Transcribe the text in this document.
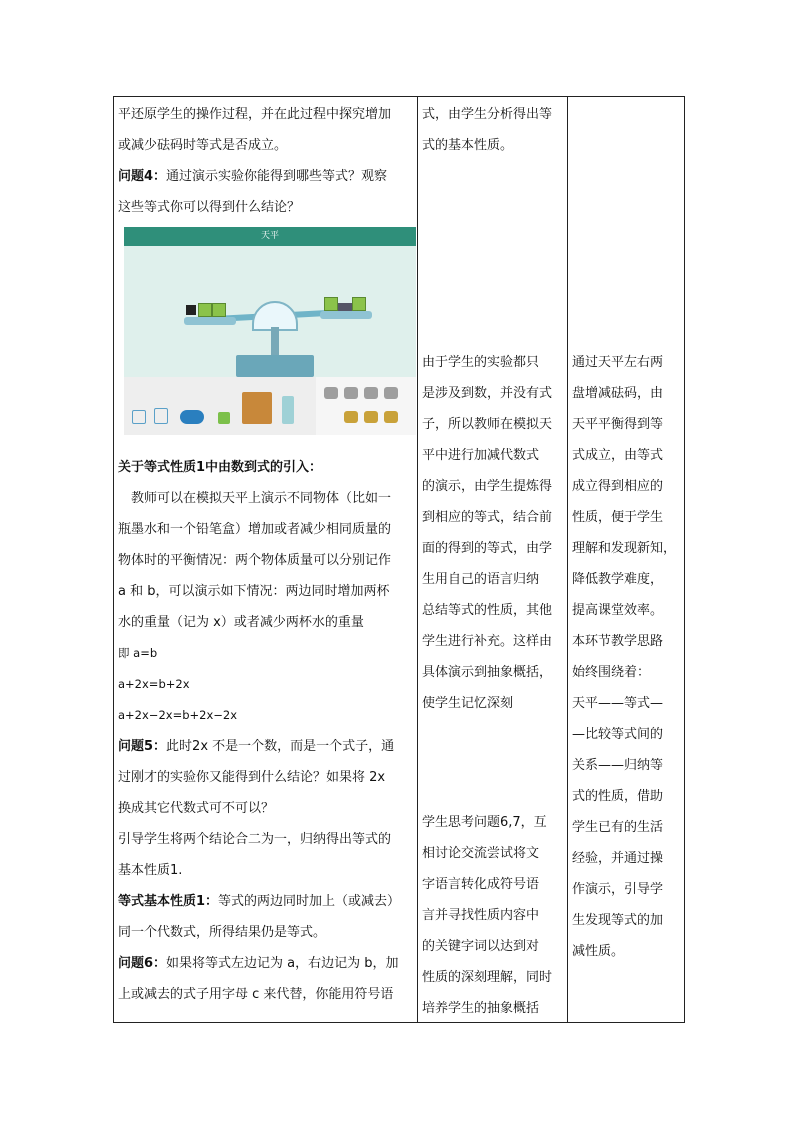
平还原学生的操作过程，并在此过程中探究增加

或减少砝码时等式是否成立。

问题4：通过演示实验你能得到哪些等式？观察

这些等式你可以得到什么结论？

天平

关于等式性质1中由数到式的引入：

教师可以在模拟天平上演示不同物体（比如一

瓶墨水和一个铅笔盒）增加或者减少相同质量的

物体时的平衡情况：两个物体质量可以分别记作

a 和 b，可以演示如下情况：两边同时增加两杯

水的重量（记为 x）或者减少两杯水的重量

即 a=b

a+2x=b+2x

a+2x−2x=b+2x−2x

问题5：此时2x 不是一个数，而是一个式子，通

过刚才的实验你又能得到什么结论？如果将 2x

换成其它代数式可不可以？

引导学生将两个结论合二为一，归纳得出等式的

基本性质1.

等式基本性质1：等式的两边同时加上（或减去）

同一个代数式，所得结果仍是等式。

问题6：如果将等式左边记为 a，右边记为 b，加

上或减去的式子用字母 c 来代替，你能用符号语

式，由学生分析得出等

式的基本性质。

由于学生的实验都只

是涉及到数，并没有式

子，所以教师在模拟天

平中进行加减代数式

的演示，由学生提炼得

到相应的等式，结合前

面的得到的等式，由学

生用自己的语言归纳

总结等式的性质，其他

学生进行补充。这样由

具体演示到抽象概括，

使学生记忆深刻

学生思考问题6,7，互

相讨论交流尝试将文

字语言转化成符号语

言并寻找性质内容中

的关键字词以达到对

性质的深刻理解，同时

培养学生的抽象概括

通过天平左右两

盘增减砝码，由

天平平衡得到等

式成立，由等式

成立得到相应的

性质，便于学生

理解和发现新知，

降低教学难度，

提高课堂效率。

本环节教学思路

始终围绕着：

天平——等式—

—比较等式间的

关系——归纳等

式的性质，借助

学生已有的生活

经验，并通过操

作演示，引导学

生发现等式的加

减性质。
